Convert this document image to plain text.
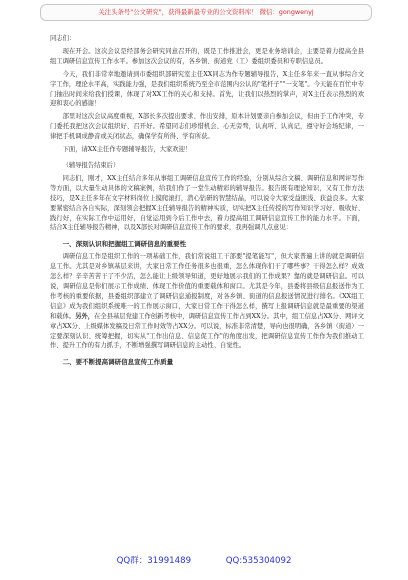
关注头条号"公文研究"，获得最新最专业的公文资料库！ 微信：gongwenyj

同志们：

现在开会。这次会议是经部务会研究同意召开的，既是工作推进会，更是业务培训会，主要是着力提高全县组工调研信息宣传工作水平。参加这次会议的有，各乡镇、街道党（工）委组织委员和专职信息员。

今天，我们非常幸地邀请到市委组织部研究室主任XX同志为作专题辅导报告，X主任多年来一直从事综合文字工作，理论水平高，实践能力强，是我们组织系统乃至全市范围内公认的"笔杆子""一支笔"。今天能在百忙中专门抽出时间来给我们授课，体现了对XX工作的关心和支持。首先，让我们以热烈的掌声，对X主任表示热烈的欢迎和衷心的感谢！

部里对这次会议高度重视，X部长多次提出要求、作出安排，原本计划要亲自参加会议，但由于工作冲突，专门委托我把这次会议组织好、召开好。希望同志们珍惜机会、心无旁骛，认真听、认真记，遵守好会场纪律，一律把手机调成静音或关闭状态，确保学有所得、学有所获。

下面，请XX主任作专题辅导报告，大家欢迎！

（辅导报告结束后）

同志们，刚才，XX主任结合多年从事组工调研信息宣传工作的经验，分别从综合文稿、调研信息和网评写作等方面，以大量生动具体的文稿案例，给我们作了一堂生动精彩的辅导报告。报告既有理论知识，又有工作方法技巧，是X主任多年在文字材料岗位上摸爬滚打，潜心钻研的智慧结晶，可以说令大家受益匪浅、获益良多。大家要紧密结合各自实际，深刻领会把握X主任辅导报告的精神实质，切实把X主任传授的写作知识学习好、吸收好、践行好，在实际工作中运用好，自觉运用到今后工作中去，着力提高组工调研信息宣传工作的能力水平。下面，结合X主任辅导报告精神，以及X部长对调研信息宣传工作的要求，我再强调几点意见：

一、深刻认识和把握组工调研信息的重要性

调研信息工作是组织工作的一项基础工作，我们常说组工干部要"提笔能写"，但大家普遍上讲的就是调研信息工作。尤其是对乡镇基层来讲，大家日常工作任务很多也很重，怎么体现你们干了哪些事？干得怎么样？成效怎么样？辛辛苦苦干了不少活，怎么能让上级领导知道，更好地展示我们的工作成果？靠的就是调研信息。可以说，调研信息是你们展示工作成绩、体现工作价值的重要载体和窗口。尤其是今年，县委将县级信息报送作为工作考核的重要依据，县委组织部建立了调研信息通报制度，对各乡镇、街道的信息报送情况进行排名。《XX组工信息》成为我们组织系统唯一的工作展示窗口，大家日常工作干得怎么样，撰写上报调研信息就是最重要的渠道和载体。另外，在全县基层党建工作创新考核中，调研信息宣传工作占到XX分。其中，组工信息占XX分、网评文章占XX分、上级媒体发稿及日常工作时效等占XX分。可以说，标准非常清楚，导向也很明确，各乡镇（街道）一定要深刻认识、统筹把握，切实从"工作出信息、信息促工作"的角度出发，把调研信息宣传工作作为我们推动工作、提升工作的有力抓手，不断增强撰写调研信息的主动性、自觉性。

二、要不断提高调研信息宣传工作质量

QQ群：31991489	QQ:535304092
